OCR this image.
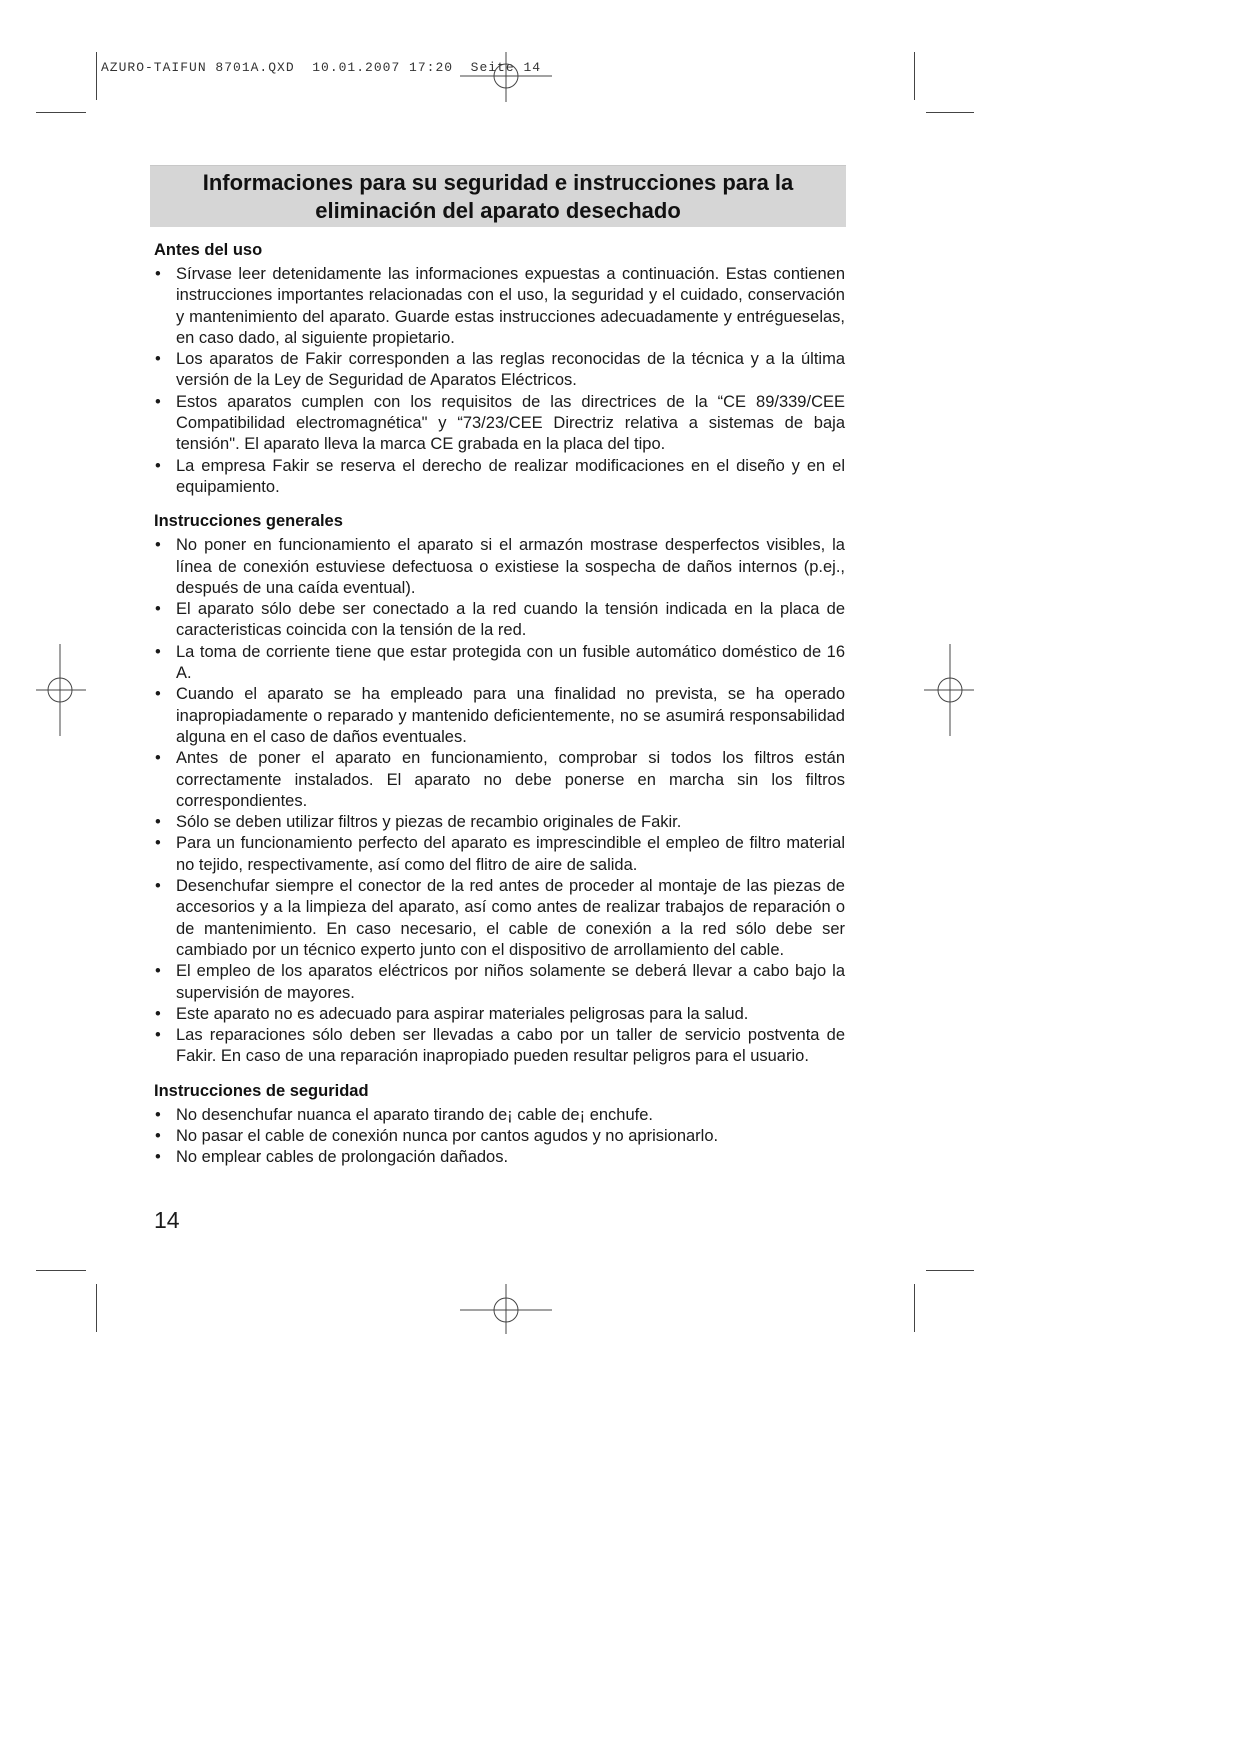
AZURO-TAIFUN 8701A.QXD  10.01.2007 17:20  Seite 14
Informaciones para su seguridad e instrucciones para la
eliminación del aparato desechado
Antes del uso
• Sírvase leer detenidamente las informaciones expuestas a continuación. Estas contienen instrucciones importantes relacionadas con el uso, la seguridad y el cuidado, conservación y mantenimiento del aparato. Guarde estas instrucciones adecuadamente y entrégueselas, en caso dado, al siguiente propietario.
• Los aparatos de Fakir corresponden a las reglas reconocidas de la técnica y a la última versión de la Ley de Seguridad de Aparatos Eléctricos.
• Estos aparatos cumplen con los requisitos de las directrices de la “CE 89/339/CEE Compatibilidad electromagnética" y “73/23/CEE Directriz relativa a sistemas de baja tensión". El aparato lleva la marca CE grabada en la placa del tipo.
• La empresa Fakir se reserva el derecho de realizar modificaciones en el diseño y en el equipamiento.
Instrucciones generales
• No poner en funcionamiento el aparato si el armazón mostrase desperfectos visibles, la línea de conexión estuviese defectuosa o existiese la sospecha de daños internos (p.ej., después de una caída eventual).
• El aparato sólo debe ser conectado a la red cuando la tensión indicada en la placa de caracteristicas coincida con la tensión de la red.
• La toma de corriente tiene que estar protegida con un fusible automático doméstico de 16 A.
• Cuando el aparato se ha empleado para una finalidad no prevista, se ha operado inapropiadamente o reparado y mantenido deficientemente, no se asumirá responsabilidad alguna en el caso de daños eventuales.
• Antes de poner el aparato en funcionamiento, comprobar si todos los filtros están correctamente instalados. El aparato no debe ponerse en marcha sin los filtros correspondientes.
• Sólo se deben utilizar filtros y piezas de recambio originales de Fakir.
• Para un funcionamiento perfecto del aparato es imprescindible el empleo de filtro material no tejido, respectivamente, así como del flitro de aire de salida.
• Desenchufar siempre el conector de la red antes de proceder al montaje de las piezas de accesorios y a la limpieza del aparato, así como antes de realizar trabajos de reparación o de mantenimiento. En caso necesario, el cable de conexión a la red sólo debe ser cambiado por un técnico experto junto con el dispositivo de arrollamiento del cable.
• El empleo de los aparatos eléctricos por niños solamente se deberá llevar a cabo bajo la supervisión de mayores.
• Este aparato no es adecuado para aspirar materiales peligrosas para la salud.
• Las reparaciones sólo deben ser llevadas a cabo por un taller de servicio postventa de Fakir. En caso de una reparación inapropiado pueden resultar peligros para el usuario.
Instrucciones de seguridad
• No desenchufar nuanca el aparato tirando de¡ cable de¡ enchufe.
• No pasar el cable de conexión nunca por cantos agudos y no aprisionarlo.
• No emplear cables de prolongación dañados.
14
